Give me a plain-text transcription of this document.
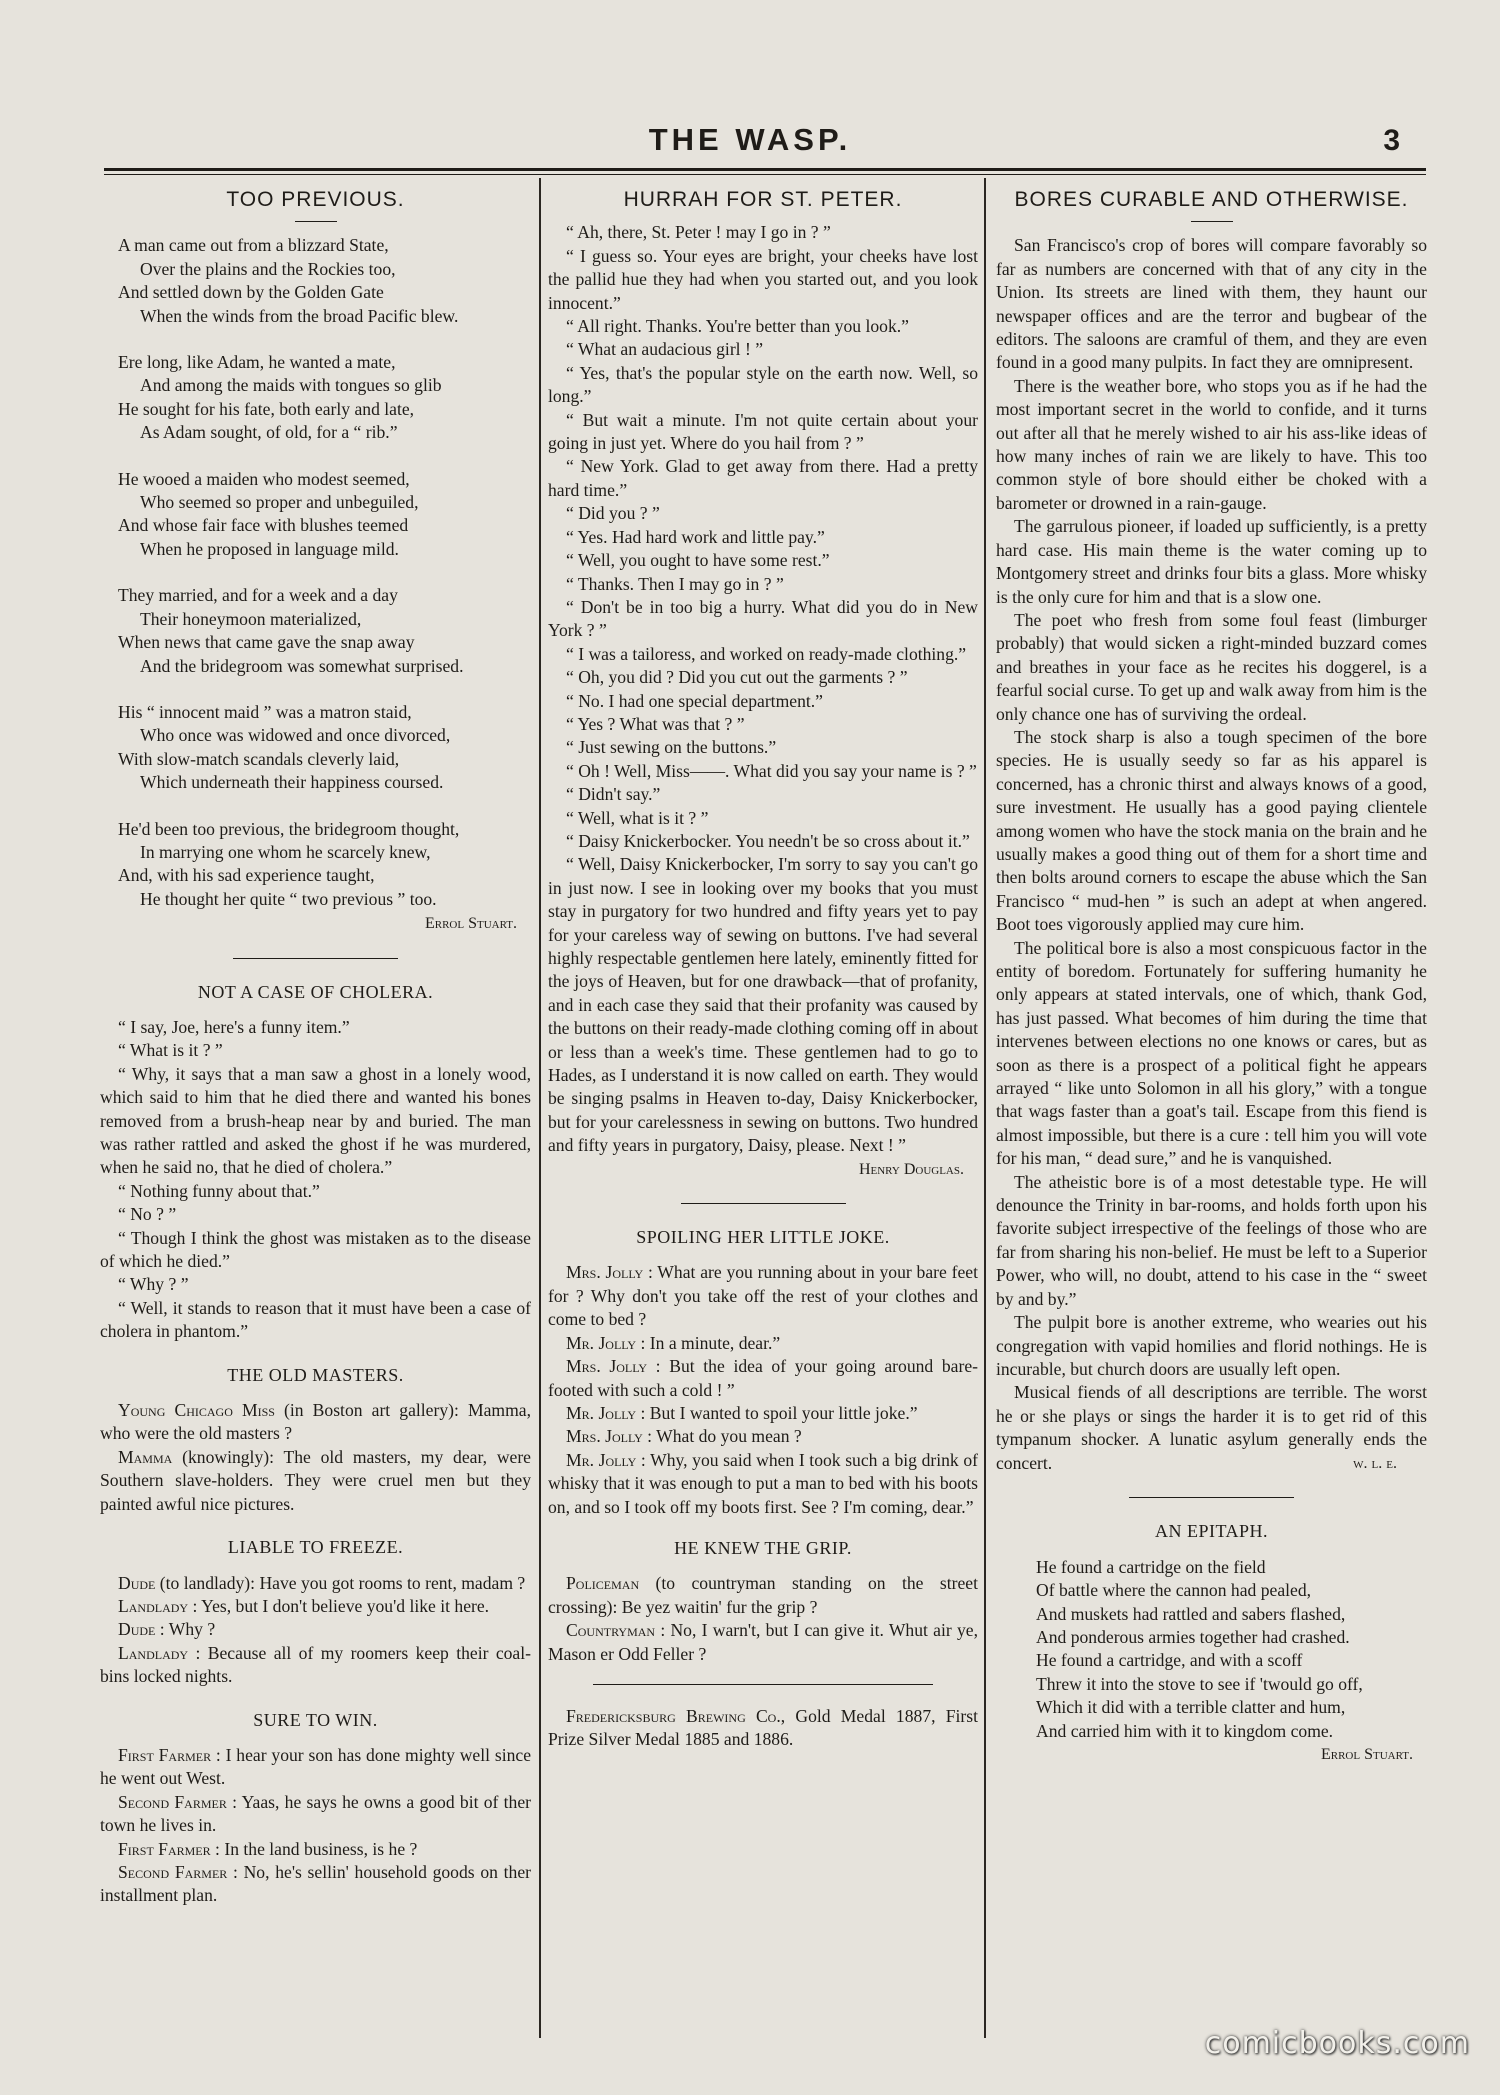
THE WASP.	3
TOO PREVIOUS.
A man came out from a blizzard State,
Over the plains and the Rockies too,
And settled down by the Golden Gate
When the winds from the broad Pacific blew.
Ere long, like Adam, he wanted a mate,
And among the maids with tongues so glib
He sought for his fate, both early and late,
As Adam sought, of old, for a “ rib.”
He wooed a maiden who modest seemed,
Who seemed so proper and unbeguiled,
And whose fair face with blushes teemed
When he proposed in language mild.
They married, and for a week and a day
Their honeymoon materialized,
When news that came gave the snap away
And the bridegroom was somewhat surprised.
His “ innocent maid ” was a matron staid,
Who once was widowed and once divorced,
With slow-match scandals cleverly laid,
Which underneath their happiness coursed.
He'd been too previous, the bridegroom thought,
In marrying one whom he scarcely knew,
And, with his sad experience taught,
He thought her quite “ two previous ” too.
Errol Stuart.
NOT A CASE OF CHOLERA.

“ I say, Joe, here's a funny item.”

“ What is it ? ”

“ Why, it says that a man saw a ghost in a lonely wood, which said to him that he died there and wanted his bones removed from a brush-heap near by and buried. The man was rather rattled and asked the ghost if he was murdered, when he said no, that he died of cholera.”

“ Nothing funny about that.”

“ No ? ”

“ Though I think the ghost was mistaken as to the disease of which he died.”

“ Why ? ”

“ Well, it stands to reason that it must have been a case of cholera in phantom.”

THE OLD MASTERS.

Young Chicago Miss (in Boston art gallery): Mamma, who were the old masters ?

Mamma (knowingly): The old masters, my dear, were Southern slave-holders. They were cruel men but they painted awful nice pictures.

LIABLE TO FREEZE.

Dude (to landlady): Have you got rooms to rent, madam ?

Landlady : Yes, but I don't believe you'd like it here.

Dude : Why ?

Landlady : Because all of my roomers keep their coal-bins locked nights.

SURE TO WIN.

First Farmer : I hear your son has done mighty well since he went out West.

Second Farmer : Yaas, he says he owns a good bit of ther town he lives in.

First Farmer : In the land business, is he ?

Second Farmer : No, he's sellin' household goods on ther installment plan.

HURRAH FOR ST. PETER.

“ Ah, there, St. Peter ! may I go in ? ”

“ I guess so. Your eyes are bright, your cheeks have lost the pallid hue they had when you started out, and you look innocent.”

“ All right. Thanks. You're better than you look.”

“ What an audacious girl ! ”

“ Yes, that's the popular style on the earth now. Well, so long.”

“ But wait a minute. I'm not quite certain about your going in just yet. Where do you hail from ? ”

“ New York. Glad to get away from there. Had a pretty hard time.”

“ Did you ? ”

“ Yes. Had hard work and little pay.”

“ Well, you ought to have some rest.”

“ Thanks. Then I may go in ? ”

“ Don't be in too big a hurry. What did you do in New York ? ”

“ I was a tailoress, and worked on ready-made clothing.”

“ Oh, you did ? Did you cut out the garments ? ”

“ No. I had one special department.”

“ Yes ? What was that ? ”

“ Just sewing on the buttons.”

“ Oh ! Well, Miss——. What did you say your name is ? ”

“ Didn't say.”

“ Well, what is it ? ”

“ Daisy Knickerbocker. You needn't be so cross about it.”

“ Well, Daisy Knickerbocker, I'm sorry to say you can't go in just now. I see in looking over my books that you must stay in purgatory for two hundred and fifty years yet to pay for your careless way of sewing on buttons. I've had several highly respectable gentlemen here lately, eminently fitted for the joys of Heaven, but for one drawback—that of profanity, and in each case they said that their profanity was caused by the buttons on their ready-made clothing coming off in about or less than a week's time. These gentlemen had to go to Hades, as I understand it is now called on earth. They would be singing psalms in Heaven to-day, Daisy Knickerbocker, but for your carelessness in sewing on buttons. Two hundred and fifty years in purgatory, Daisy, please. Next ! ”

Henry Douglas.
SPOILING HER LITTLE JOKE.

Mrs. Jolly : What are you running about in your bare feet for ? Why don't you take off the rest of your clothes and come to bed ?

Mr. Jolly : In a minute, dear.”

Mrs. Jolly : But the idea of your going around bare-footed with such a cold ! ”

Mr. Jolly : But I wanted to spoil your little joke.”

Mrs. Jolly : What do you mean ?

Mr. Jolly : Why, you said when I took such a big drink of whisky that it was enough to put a man to bed with his boots on, and so I took off my boots first. See ? I'm coming, dear.”

HE KNEW THE GRIP.

Policeman (to countryman standing on the street crossing): Be yez waitin' fur the grip ?

Countryman : No, I warn't, but I can give it. Whut air ye, Mason er Odd Feller ?

Fredericksburg Brewing Co., Gold Medal 1887, First Prize Silver Medal 1885 and 1886.

BORES CURABLE AND OTHERWISE.

San Francisco's crop of bores will compare favorably so far as numbers are concerned with that of any city in the Union. Its streets are lined with them, they haunt our newspaper offices and are the terror and bugbear of the editors. The saloons are cramful of them, and they are even found in a good many pulpits. In fact they are omnipresent.

There is the weather bore, who stops you as if he had the most important secret in the world to confide, and it turns out after all that he merely wished to air his ass-like ideas of how many inches of rain we are likely to have. This too common style of bore should either be choked with a barometer or drowned in a rain-gauge.

The garrulous pioneer, if loaded up sufficiently, is a pretty hard case. His main theme is the water coming up to Montgomery street and drinks four bits a glass. More whisky is the only cure for him and that is a slow one.

The poet who fresh from some foul feast (limburger probably) that would sicken a right-minded buzzard comes and breathes in your face as he recites his doggerel, is a fearful social curse. To get up and walk away from him is the only chance one has of surviving the ordeal.

The stock sharp is also a tough specimen of the bore species. He is usually seedy so far as his apparel is concerned, has a chronic thirst and always knows of a good, sure investment. He usually has a good paying clientele among women who have the stock mania on the brain and he usually makes a good thing out of them for a short time and then bolts around corners to escape the abuse which the San Francisco “ mud-hen ” is such an adept at when angered. Boot toes vigorously applied may cure him.

The political bore is also a most conspicuous factor in the entity of boredom. Fortunately for suffering humanity he only appears at stated intervals, one of which, thank God, has just passed. What becomes of him during the time that intervenes between elections no one knows or cares, but as soon as there is a prospect of a political fight he appears arrayed “ like unto Solomon in all his glory,” with a tongue that wags faster than a goat's tail. Escape from this fiend is almost impossible, but there is a cure : tell him you will vote for his man, “ dead sure,” and he is vanquished.

The atheistic bore is of a most detestable type. He will denounce the Trinity in bar-rooms, and holds forth upon his favorite subject irrespective of the feelings of those who are far from sharing his non-belief. He must be left to a Superior Power, who will, no doubt, attend to his case in the “ sweet by and by.”

The pulpit bore is another extreme, who wearies out his congregation with vapid homilies and florid nothings. He is incurable, but church doors are usually left open.

Musical fiends of all descriptions are terrible. The worst he or she plays or sings the harder it is to get rid of this tympanum shocker. A lunatic asylum generally ends the concert.	w. l. e.
AN EPITAPH.
He found a cartridge on the field
Of battle where the cannon had pealed,
And muskets had rattled and sabers flashed,
And ponderous armies together had crashed.
He found a cartridge, and with a scoff
Threw it into the stove to see if 'twould go off,
Which it did with a terrible clatter and hum,
And carried him with it to kingdom come.
Errol Stuart.
comicbooks.com
